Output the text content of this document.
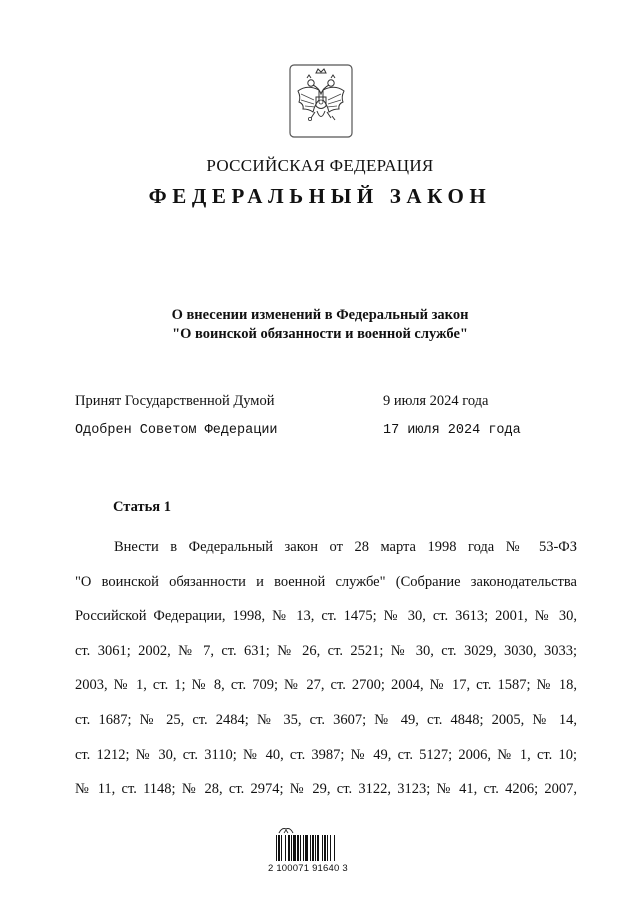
РОССИЙСКАЯ ФЕДЕРАЦИЯ
ФЕДЕРАЛЬНЫЙ ЗАКОН
О внесении изменений в Федеральный закон
"О воинской обязанности и военной службе"
Принят Государственной Думой	9 июля 2024 года
Одобрен Советом Федерации	17 июля 2024 года
Статья 1
Внести в Федеральный закон от 28 марта 1998 года № 53-ФЗ
"О воинской обязанности и военной службе" (Собрание законодательства
Российской Федерации, 1998, № 13, ст. 1475; № 30, ст. 3613; 2001, № 30,
ст. 3061; 2002, № 7, ст. 631; № 26, ст. 2521; № 30, ст. 3029, 3030, 3033;
2003, № 1, ст. 1; № 8, ст. 709; № 27, ст. 2700; 2004, № 17, ст. 1587; № 18,
ст. 1687; № 25, ст. 2484; № 35, ст. 3607; № 49, ст. 4848; 2005, № 14,
ст. 1212; № 30, ст. 3110; № 40, ст. 3987; № 49, ст. 5127; 2006, № 1, ст. 10;
№ 11, ст. 1148; № 28, ст. 2974; № 29, ст. 3122, 3123; № 41, ст. 4206; 2007,
2 100071 91640 3
